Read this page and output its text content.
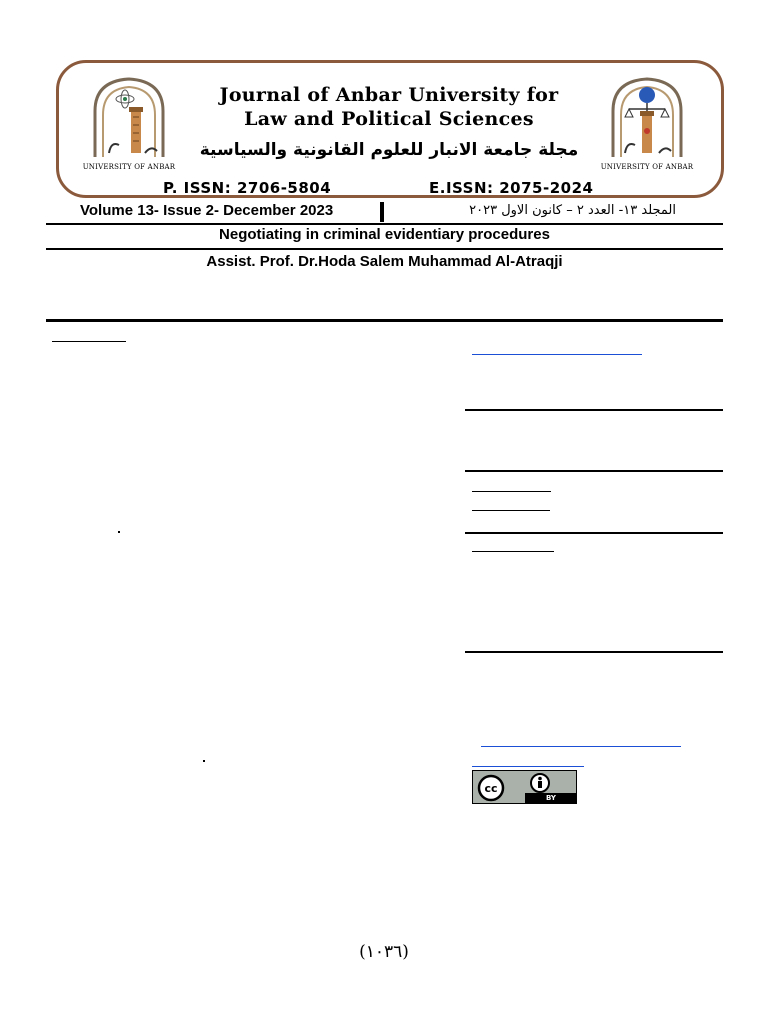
UNIVERSITY OF ANBAR
Journal of Anbar University for
Law and Political Sciences
مجلة جامعة الانبار للعلوم القانونية والسياسية
UNIVERSITY OF ANBAR
P. ISSN: 2706-5804	E.ISSN: 2075-2024
Volume 13- Issue 2- December 2023	المجلد ١٣- العدد ٢ – كانون الاول ٢٠٢٣
Negotiating in criminal evidentiary procedures
Assist. Prof. Dr.Hoda Salem Muhammad Al-Atraqji
cc
BY
(١٠٣٦)
